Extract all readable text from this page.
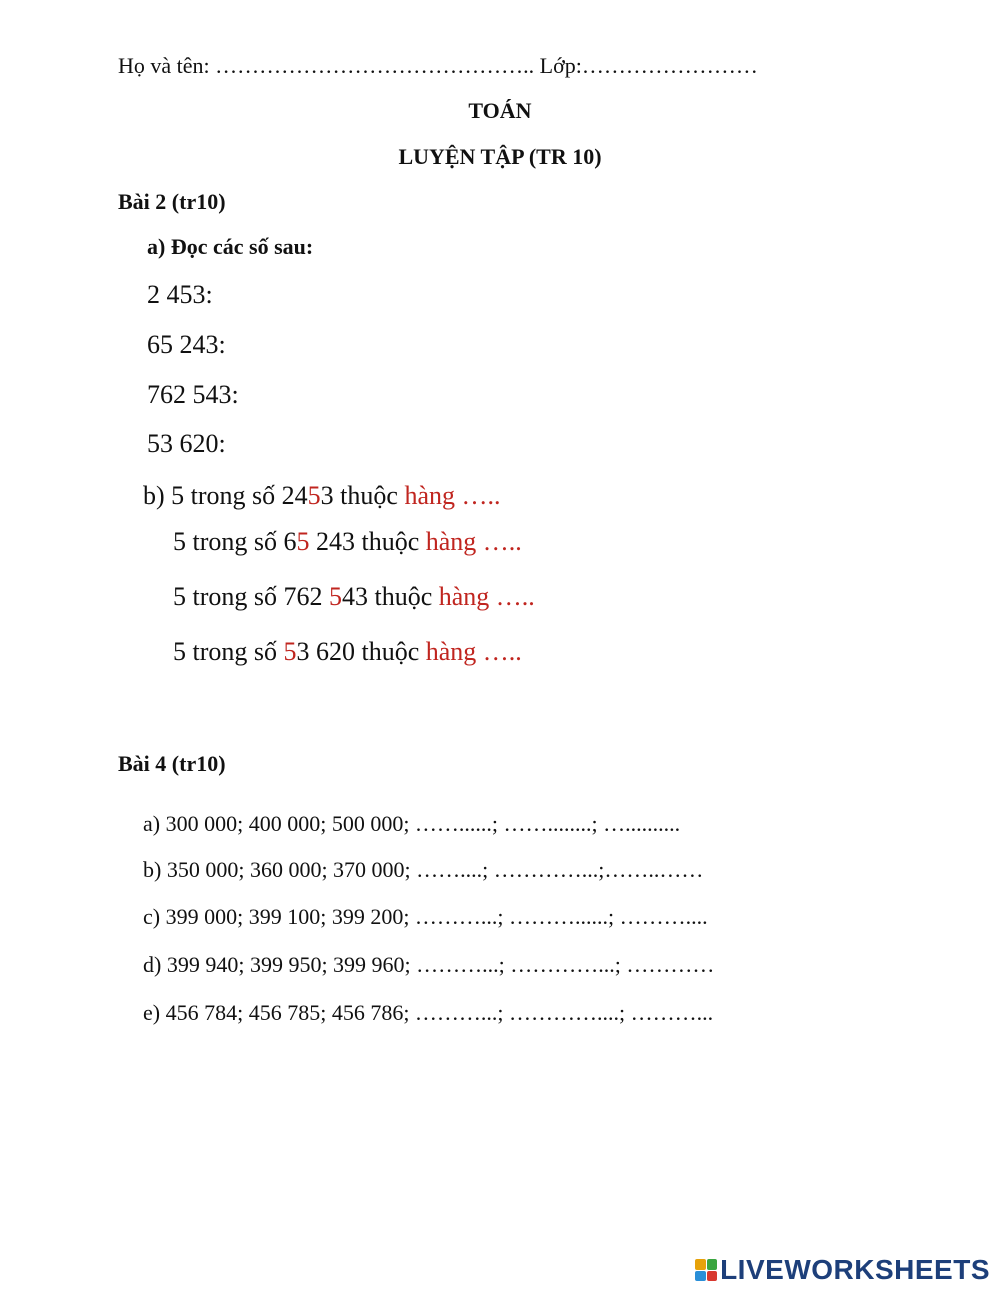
Họ và tên: …………………………………….. Lớp:……………………
TOÁN
LUYỆN TẬP (TR 10)
Bài 2 (tr10)
a) Đọc các số sau:
2 453:
65 243:
762 543:
53 620:
b) 5 trong số 2453 thuộc hàng …..
5 trong số 65 243 thuộc hàng …..
5 trong số 762 543 thuộc hàng …..
5 trong số 53 620 thuộc hàng …..
Bài 4 (tr10)
a) 300 000; 400 000; 500 000; ……......; ……........; …..........
b) 350 000; 360 000; 370 000; ……....; …………...;……..……
c) 399 000; 399 100; 399 200; ………...; ………......; ………....
d) 399 940; 399 950; 399 960; ………...; …………...; …………
e) 456 784; 456 785; 456 786; ………...; …………....; ………...
LIVEWORKSHEETS
